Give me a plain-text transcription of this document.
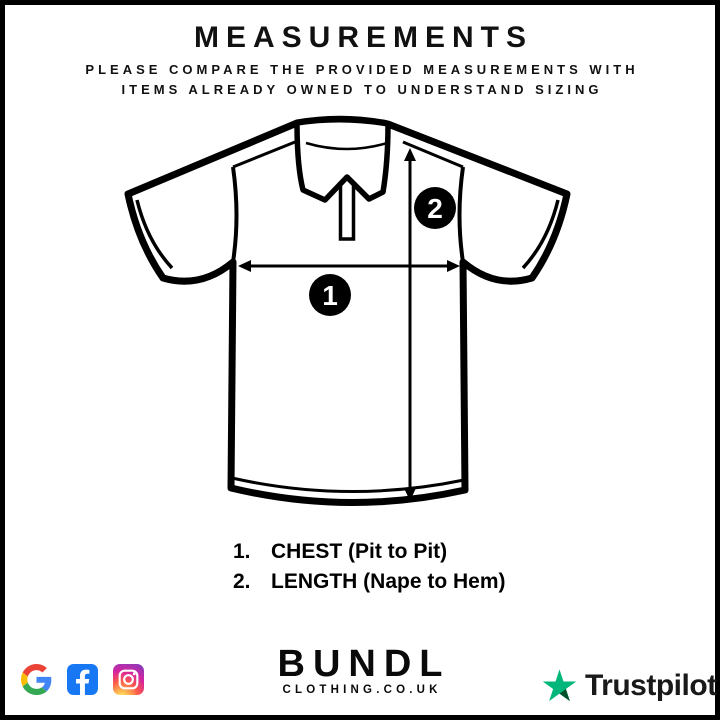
MEASUREMENTS
PLEASE COMPARE THE PROVIDED MEASUREMENTS WITH
ITEMS ALREADY OWNED TO UNDERSTAND SIZING
1
2
1. CHEST (Pit to Pit)
2. LENGTH (Nape to Hem)
BUNDL
CLOTHING.CO.UK	Trustpilot
